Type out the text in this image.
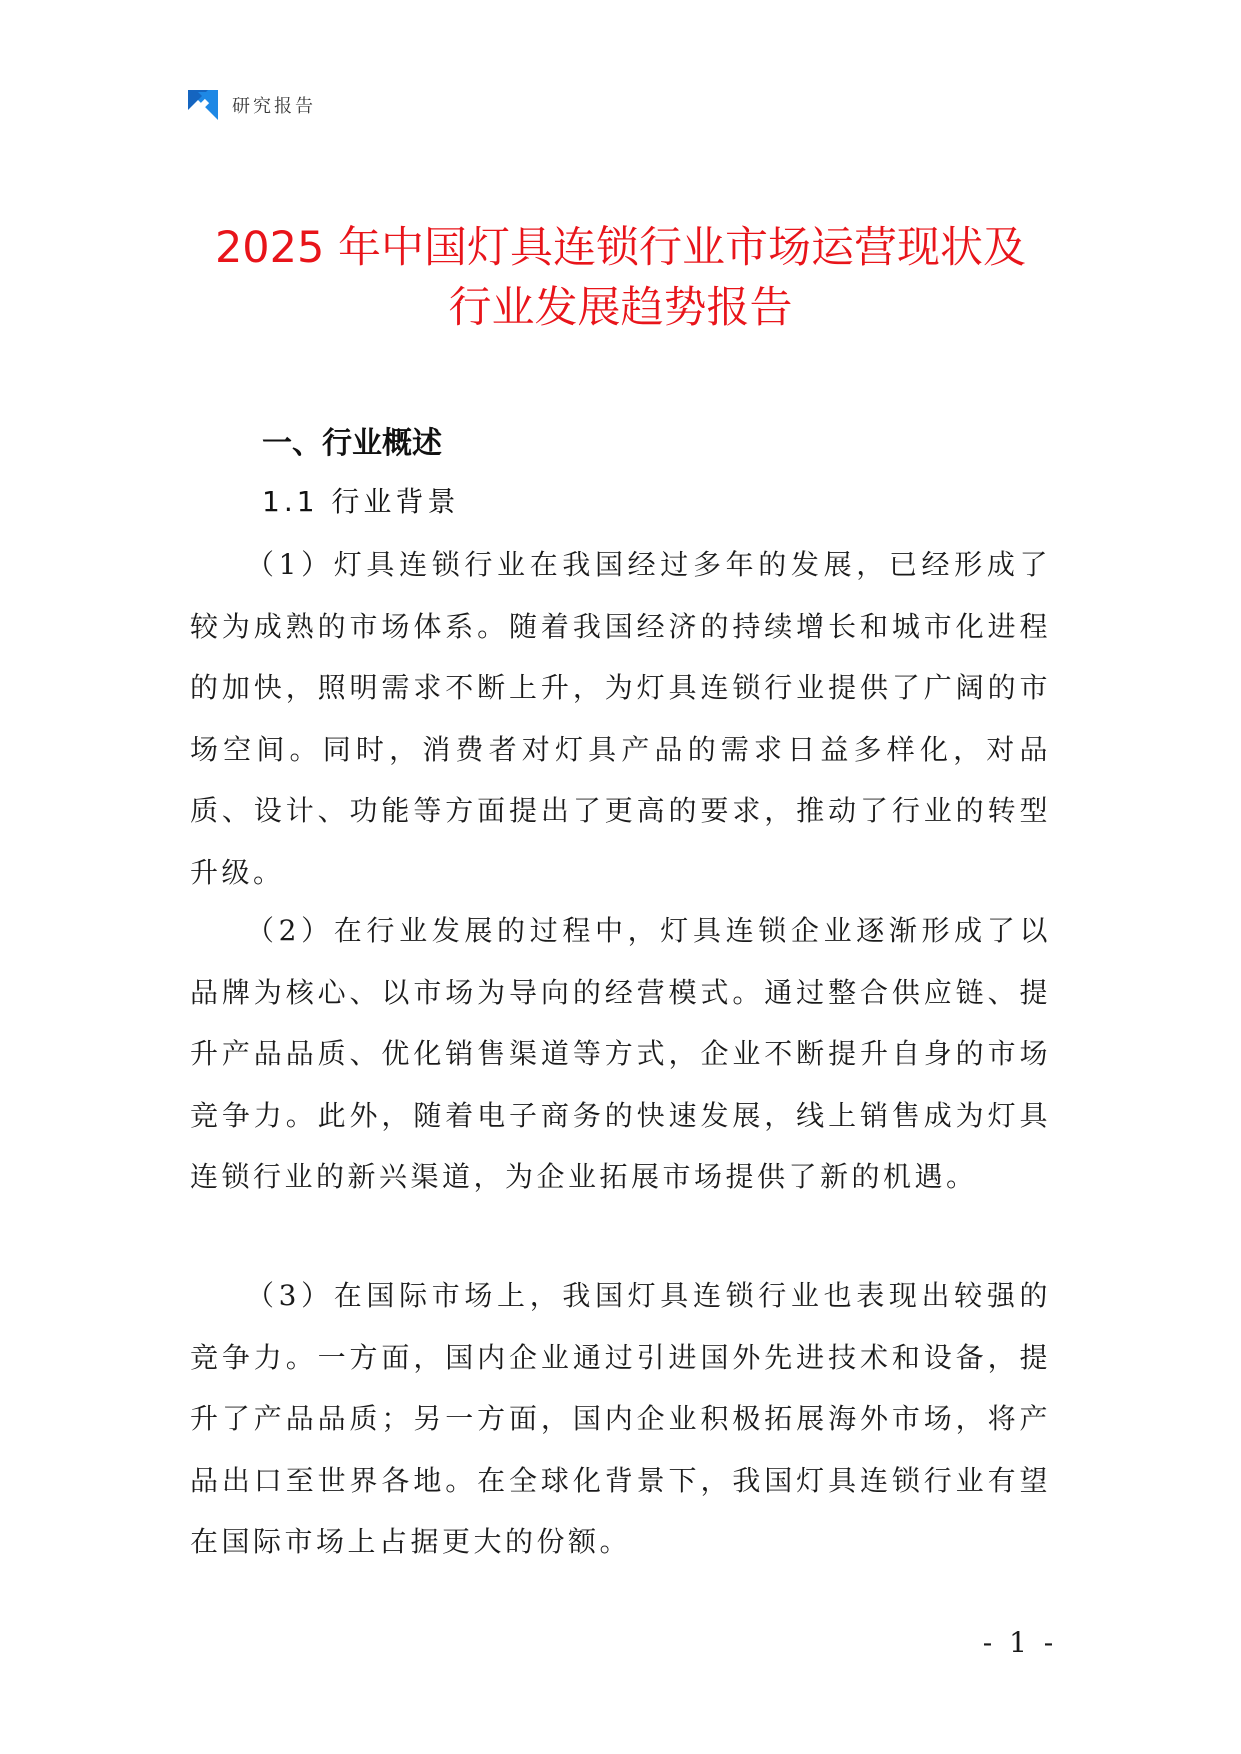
研究报告
2025 年中国灯具连锁行业市场运营现状及
行业发展趋势报告
一、行业概述
1.1 行业背景

（1）灯具连锁行业在我国经过多年的发展，已经形成了较为成熟的市场体系。随着我国经济的持续增长和城市化进程的加快，照明需求不断上升，为灯具连锁行业提供了广阔的市场空间。同时，消费者对灯具产品的需求日益多样化，对品质、设计、功能等方面提出了更高的要求，推动了行业的转型升级。

（2）在行业发展的过程中，灯具连锁企业逐渐形成了以品牌为核心、以市场为导向的经营模式。通过整合供应链、提升产品品质、优化销售渠道等方式，企业不断提升自身的市场竞争力。此外，随着电子商务的快速发展，线上销售成为灯具连锁行业的新兴渠道，为企业拓展市场提供了新的机遇。

（3）在国际市场上，我国灯具连锁行业也表现出较强的竞争力。一方面，国内企业通过引进国外先进技术和设备，提升了产品品质；另一方面，国内企业积极拓展海外市场，将产品出口至世界各地。在全球化背景下，我国灯具连锁行业有望在国际市场上占据更大的份额。

- 1 -
